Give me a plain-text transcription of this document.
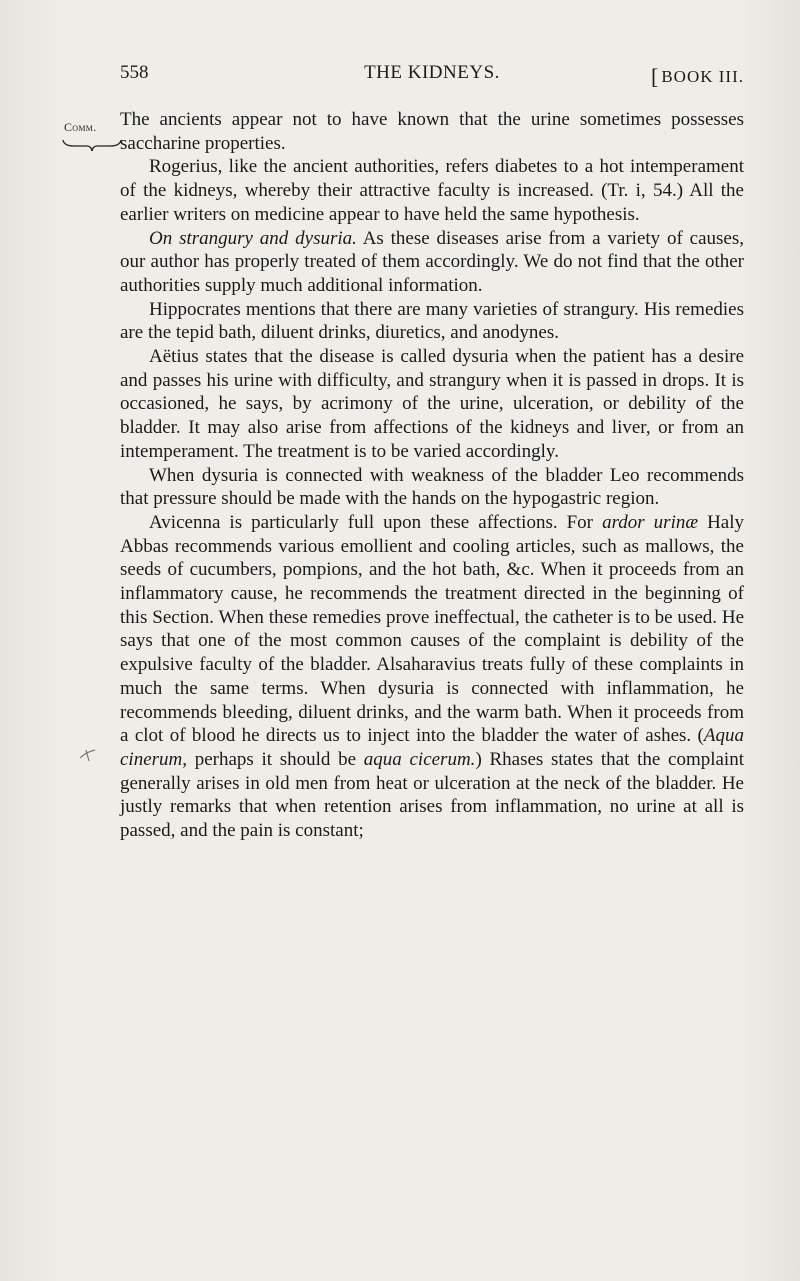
558	THE KIDNEYS.	[ BOOK III.
Comm.	The ancients appear not to have known that the urine sometimes possesses saccharine properties.

Rogerius, like the ancient authorities, refers diabetes to a hot intemperament of the kidneys, whereby their attractive faculty is increased. (Tr. i, 54.) All the earlier writers on medicine appear to have held the same hypothesis.

On strangury and dysuria. As these diseases arise from a variety of causes, our author has properly treated of them accordingly. We do not find that the other authorities supply much additional information.

Hippocrates mentions that there are many varieties of strangury. His remedies are the tepid bath, diluent drinks, diuretics, and anodynes.

Aëtius states that the disease is called dysuria when the patient has a desire and passes his urine with difficulty, and strangury when it is passed in drops. It is occasioned, he says, by acrimony of the urine, ulceration, or debility of the bladder. It may also arise from affections of the kidneys and liver, or from an intemperament. The treatment is to be varied accordingly.

When dysuria is connected with weakness of the bladder Leo recommends that pressure should be made with the hands on the hypogastric region.

Avicenna is particularly full upon these affections. For ardor urinæ Haly Abbas recommends various emollient and cooling articles, such as mallows, the seeds of cucumbers, pompions, and the hot bath, &c. When it proceeds from an inflammatory cause, he recommends the treatment directed in the beginning of this Section. When these remedies prove ineffectual, the catheter is to be used. He says that one of the most common causes of the complaint is debility of the expulsive faculty of the bladder. Alsaharavius treats fully of these complaints in much the same terms. When dysuria is connected with inflammation, he recommends bleeding, diluent drinks, and the warm bath. When it proceeds from a clot of blood he directs us to inject into the bladder the water of ashes. (Aqua cinerum, perhaps it should be aqua cicerum.) Rhases states that the complaint generally arises in old men from heat or ulceration at the neck of the bladder. He justly remarks that when retention arises from inflammation, no urine at all is passed, and the pain is constant;
